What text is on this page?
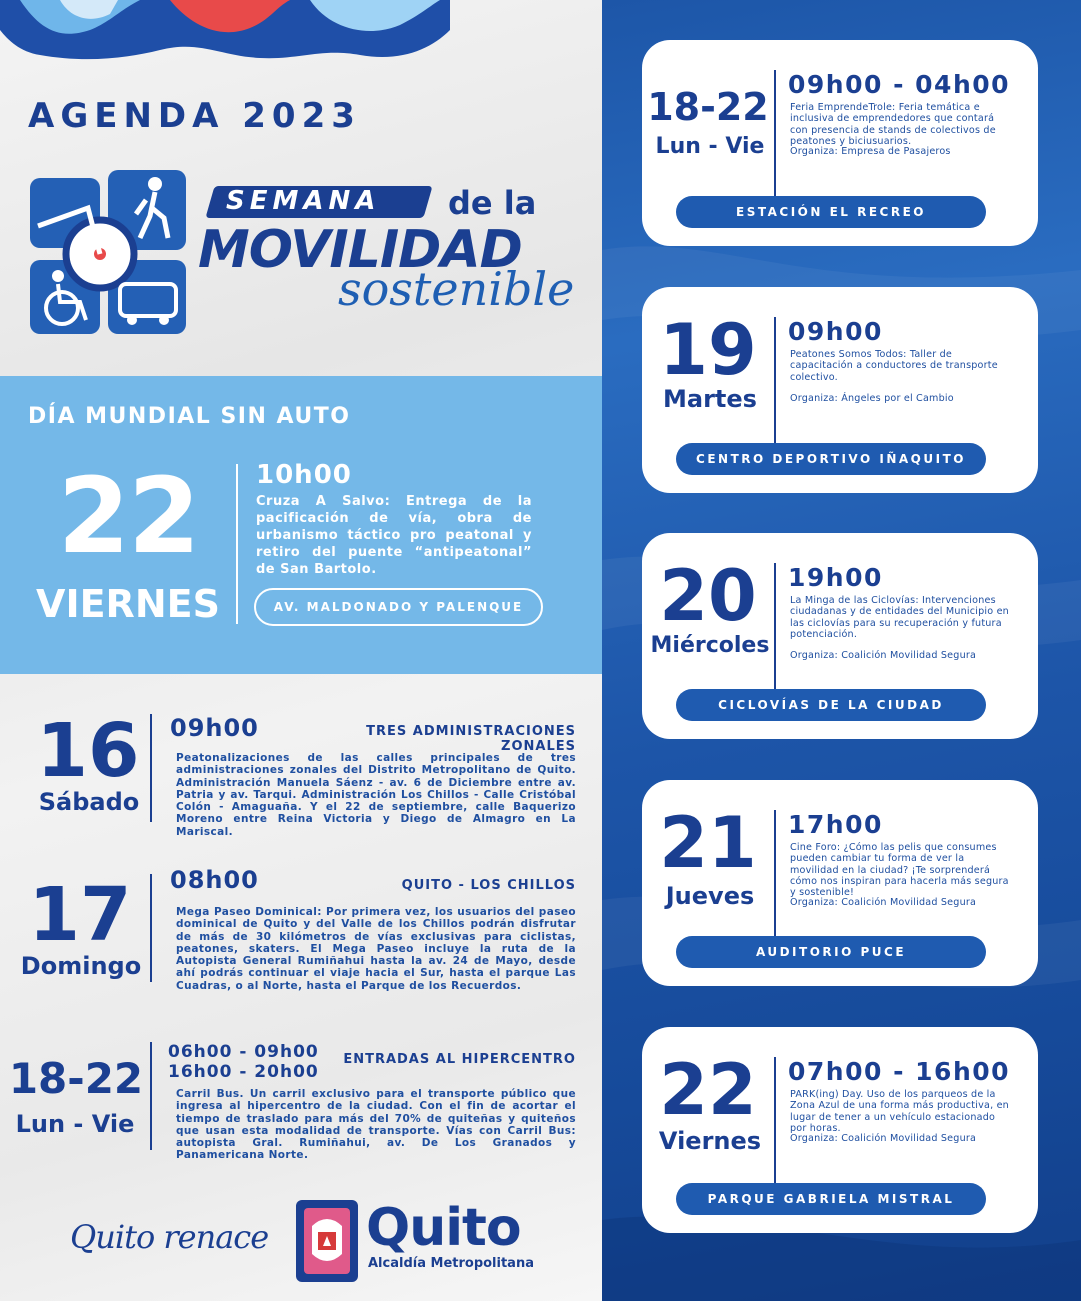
AGENDA 2023
SEMANA de la
MOVILIDAD
sostenible
DÍA MUNDIAL SIN AUTO
22
VIERNES
10h00
Cruza A Salvo: Entrega de la pacificación de vía, obra de urbanismo táctico pro peatonal y retiro del puente “antipeatonal” de San Bartolo.
AV. MALDONADO Y PALENQUE
16
Sábado
09h00	TRES ADMINISTRACIONES ZONALES
Peatonalizaciones de las calles principales de tres administraciones zonales del Distrito Metropolitano de Quito. Administración Manuela Sáenz - av. 6 de Diciembre entre av. Patria y av. Tarqui. Administración Los Chillos - Calle Cristóbal Colón - Amaguaña. Y el 22 de septiembre, calle Baquerizo Moreno entre Reina Victoria y Diego de Almagro en La Mariscal.
17
Domingo
08h00	QUITO - LOS CHILLOS
Mega Paseo Dominical: Por primera vez, los usuarios del paseo dominical de Quito y del Valle de los Chillos podrán disfrutar de más de 30 kilómetros de vías exclusivas para ciclistas, peatones, skaters. El Mega Paseo incluye la ruta de la Autopista General Rumiñahui hasta la av. 24 de Mayo, desde ahí podrás continuar el viaje hacia el Sur, hasta el parque Las Cuadras, o al Norte, hasta el Parque de los Recuerdos.
18-22
Lun - Vie
06h00 - 09h00
16h00 - 20h00
ENTRADAS AL HIPERCENTRO
Carril Bus. Un carril exclusivo para el transporte público que ingresa al hipercentro de la ciudad. Con el fin de acortar el tiempo de traslado para más del 70% de quiteñas y quiteños que usan esta modalidad de transporte. Vías con Carril Bus: autopista Gral. Rumiñahui, av. De Los Granados y Panamericana Norte.
Quito renace Quito
Alcaldía Metropolitana
18-22
Lun - Vie
09h00 - 04h00
Feria EmprendeTrole: Feria temática e inclusiva de emprendedores que contará con presencia de stands de colectivos de peatones y biciusuarios.
Organiza: Empresa de Pasajeros
ESTACIÓN EL RECREO
19
Martes
09h00
Peatones Somos Todos: Taller de capacitación a conductores de transporte colectivo.
Organiza: Ángeles por el Cambio
CENTRO DEPORTIVO IÑAQUITO
20
Miércoles
19h00
La Minga de las Ciclovías: Intervenciones ciudadanas y de entidades del Municipio en las ciclovías para su recuperación y futura potenciación.
Organiza: Coalición Movilidad Segura
CICLOVÍAS DE LA CIUDAD
21
Jueves
17h00
Cine Foro: ¿Cómo las pelis que consumes pueden cambiar tu forma de ver la movilidad en la ciudad? ¡Te sorprenderá cómo nos inspiran para hacerla más segura y sostenible!
Organiza: Coalición Movilidad Segura
AUDITORIO PUCE
22
Viernes
07h00 - 16h00
PARK(ing) Day. Uso de los parqueos de la Zona Azul de una forma más productiva, en lugar de tener a un vehículo estacionado por horas.
Organiza: Coalición Movilidad Segura
PARQUE GABRIELA MISTRAL
